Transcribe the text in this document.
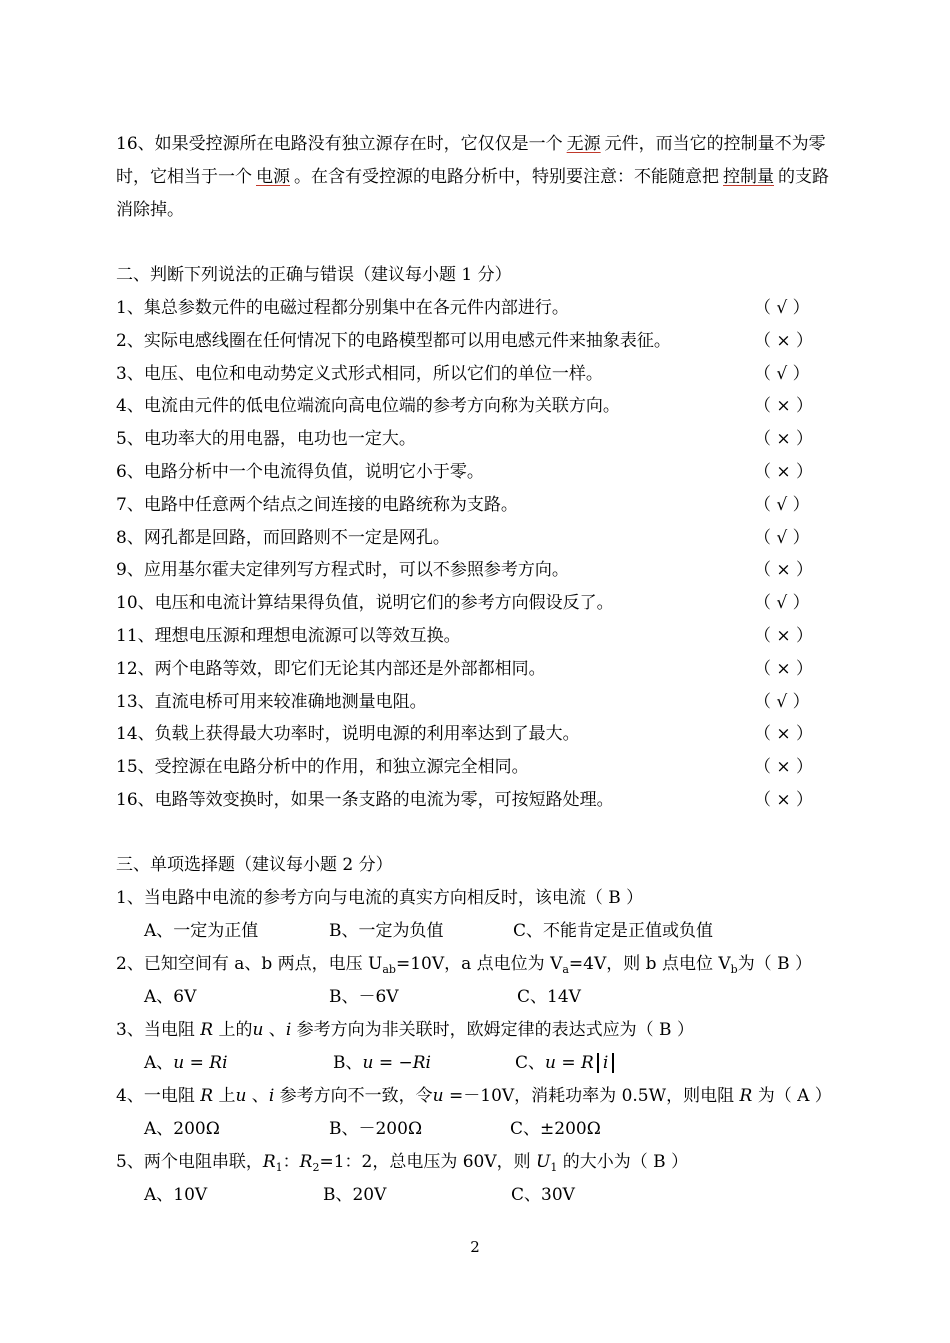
16、如果受控源所在电路没有独立源存在时，它仅仅是一个 无源 元件，而当它的控制量不为零时，它相当于一个 电源 。在含有受控源的电路分析中，特别要注意：不能随意把 控制量 的支路消除掉。
二、判断下列说法的正确与错误（建议每小题 1 分）
1、集总参数元件的电磁过程都分别集中在各元件内部进行。	（ √ ）
2、实际电感线圈在任何情况下的电路模型都可以用电感元件来抽象表征。	（ × ）
3、电压、电位和电动势定义式形式相同，所以它们的单位一样。	（ √ ）
4、电流由元件的低电位端流向高电位端的参考方向称为关联方向。	（ × ）
5、电功率大的用电器，电功也一定大。	（ × ）
6、电路分析中一个电流得负值，说明它小于零。	（ × ）
7、电路中任意两个结点之间连接的电路统称为支路。	（ √ ）
8、网孔都是回路，而回路则不一定是网孔。	（ √ ）
9、应用基尔霍夫定律列写方程式时，可以不参照参考方向。	（ × ）
10、电压和电流计算结果得负值，说明它们的参考方向假设反了。	（ √ ）
11、理想电压源和理想电流源可以等效互换。	（ × ）
12、两个电路等效，即它们无论其内部还是外部都相同。	（ × ）
13、直流电桥可用来较准确地测量电阻。	（ √ ）
14、负载上获得最大功率时，说明电源的利用率达到了最大。	（ × ）
15、受控源在电路分析中的作用，和独立源完全相同。	（ × ）
16、电路等效变换时，如果一条支路的电流为零，可按短路处理。	（ × ）
三、单项选择题（建议每小题 2 分）
1、当电路中电流的参考方向与电流的真实方向相反时，该电流（ B ）
A、一定为正值	B、一定为负值	C、不能肯定是正值或负值
2、已知空间有 a、b 两点，电压 $U_{ab}=10V$，a 点电位为 $V_a=4V$，则 b 点电位 $V_b$为（ B ）
A、6V	B、－6V	C、14V
3、当电阻 R 上的u 、i 参考方向为非关联时，欧姆定律的表达式应为（ B ）
A、u = Ri	B、u = −Ri	C、u = R i
4、一电阻 R 上u 、i 参考方向不一致，令u =－10V，消耗功率为 0.5W，则电阻 R 为（ A ）
A、200Ω	B、－200Ω	C、±200Ω
5、两个电阻串联，$R_1$：$R_2=1$：2，总电压为 60V，则 $U_1$ 的大小为（ B ）
A、10V	B、20V	C、30V
2
